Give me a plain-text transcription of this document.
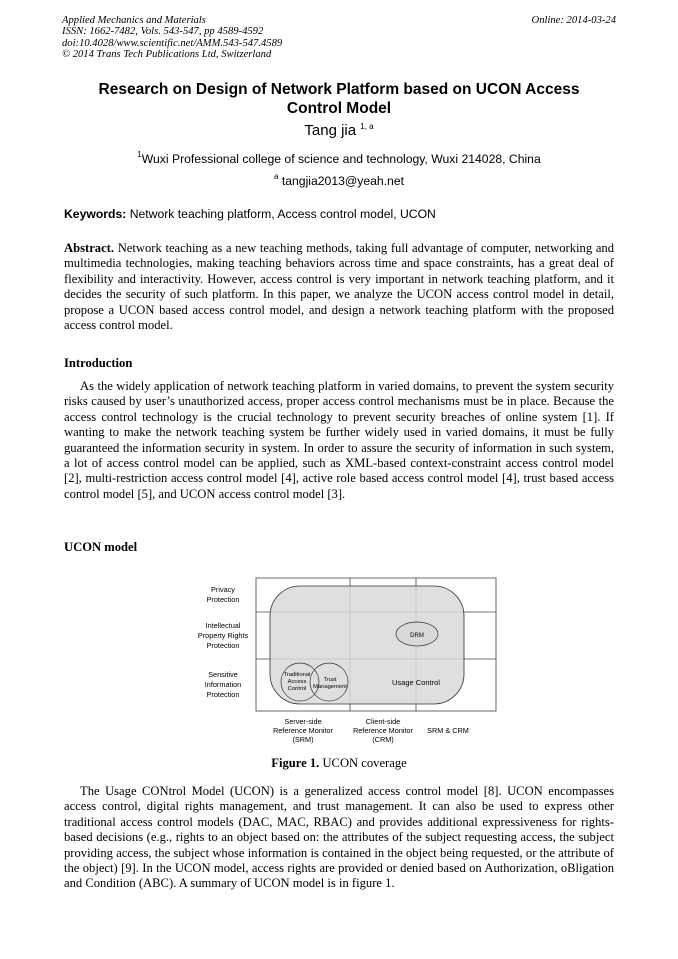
Applied Mechanics and Materials
ISSN: 1662-7482, Vols. 543-547, pp 4589-4592
doi:10.4028/www.scientific.net/AMM.543-547.4589
© 2014 Trans Tech Publications Ltd, Switzerland
Online: 2014-03-24
Research on Design of Network Platform based on UCON Access Control Model
Tang jia $^{1, a}$
$^1$Wuxi Professional college of science and technology, Wuxi 214028, China
$^a$ tangjia2013@yeah.net
Keywords: Network teaching platform, Access control model, UCON
Abstract. Network teaching as a new teaching methods, taking full advantage of computer, networking and multimedia technologies, making teaching behaviors across time and space constraints, has a great deal of flexibility and interactivity. However, access control is very important in network teaching platform, and it decides the security of such platform. In this paper, we analyze the UCON access control model in detail, propose a UCON based access control model, and design a network teaching platform with the proposed access control model.
Introduction
As the widely application of network teaching platform in varied domains, to prevent the system security risks caused by user’s unauthorized access, proper access control mechanisms must be in place. Because the access control technology is the crucial technology to prevent security breaches of online system [1]. If wanting to make the network teaching system be further widely used in varied domains, it must be fully guaranteed the information security in system. In order to assure the security of information in such system, a lot of access control model can be applied, such as XML-based context-constraint access control model [2], multi-restriction access control model [4], active role based access control model [4], trust based access control model [5], and UCON access control model [3].
UCON model
Privacy Protection
Intellectual Property Rights Protection
Sensitive Information Protection
Server-side Reference Monitor (SRM)
Client-side Reference Monitor (CRM)
SRM & CRM
DRM
Traditional Access Control
Trust Management	Usage Control
Figure 1. UCON coverage
The Usage CONtrol Model (UCON) is a generalized access control model [8]. UCON encompasses access control, digital rights management, and trust management. It can also be used to express other traditional access control models (DAC, MAC, RBAC) and provides additional expressiveness for rights-based decisions (e.g., rights to an object based on: the attributes of the subject requesting access, the subject providing access, the subject whose information is contained in the object being requested, or the attribute of the object) [9]. In the UCON model, access rights are provided or denied based on Authorization, oBligation and Condition (ABC). A summary of UCON model is in figure 1.
